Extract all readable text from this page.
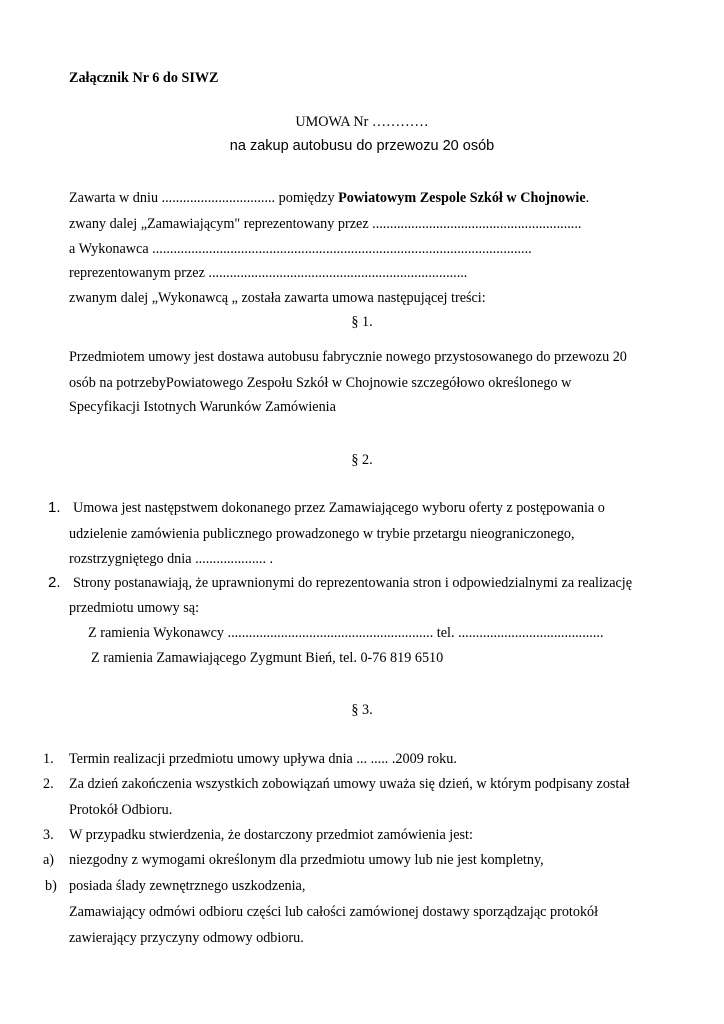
Załącznik Nr 6 do SIWZ
UMOWA Nr …………
na zakup autobusu do przewozu 20 osób
Zawarta w dniu ................................ pomiędzy Powiatowym Zespole Szkół w Chojnowie.
zwany dalej „Zamawiającym" reprezentowany przez ...........................................................
a Wykonawca ...........................................................................................................
reprezentowanym przez .........................................................................
zwanym dalej „Wykonawcą „ została zawarta umowa następującej treści:
§ 1.
Przedmiotem umowy jest dostawa autobusu fabrycznie nowego przystosowanego do przewozu 20
osób na potrzebyPowiatowego Zespołu Szkół w Chojnowie szczegółowo określonego w
Specyfikacji Istotnych Warunków Zamówienia
§ 2.
1. Umowa jest następstwem dokonanego przez Zamawiającego wyboru oferty z postępowania o
udzielenie zamówienia publicznego prowadzonego w trybie przetargu nieograniczonego,
rozstrzygniętego dnia .................... .
2. Strony postanawiają, że uprawnionymi do reprezentowania stron i odpowiedzialnymi za realizację
przedmiotu umowy są:
Z ramienia Wykonawcy .......................................................... tel. .........................................
Z ramienia Zamawiającego Zygmunt Bień, tel. 0-76 819 6510
§ 3.
1. Termin realizacji przedmiotu umowy upływa dnia ... ..... .2009 roku.
2. Za dzień zakończenia wszystkich zobowiązań umowy uważa się dzień, w którym podpisany został
Protokół Odbioru.
3. W przypadku stwierdzenia, że dostarczony przedmiot zamówienia jest:
a) niezgodny z wymogami określonym dla przedmiotu umowy lub nie jest kompletny,
b) posiada ślady zewnętrznego uszkodzenia,
Zamawiający odmówi odbioru części lub całości zamówionej dostawy sporządzając protokół
zawierający przyczyny odmowy odbioru.
